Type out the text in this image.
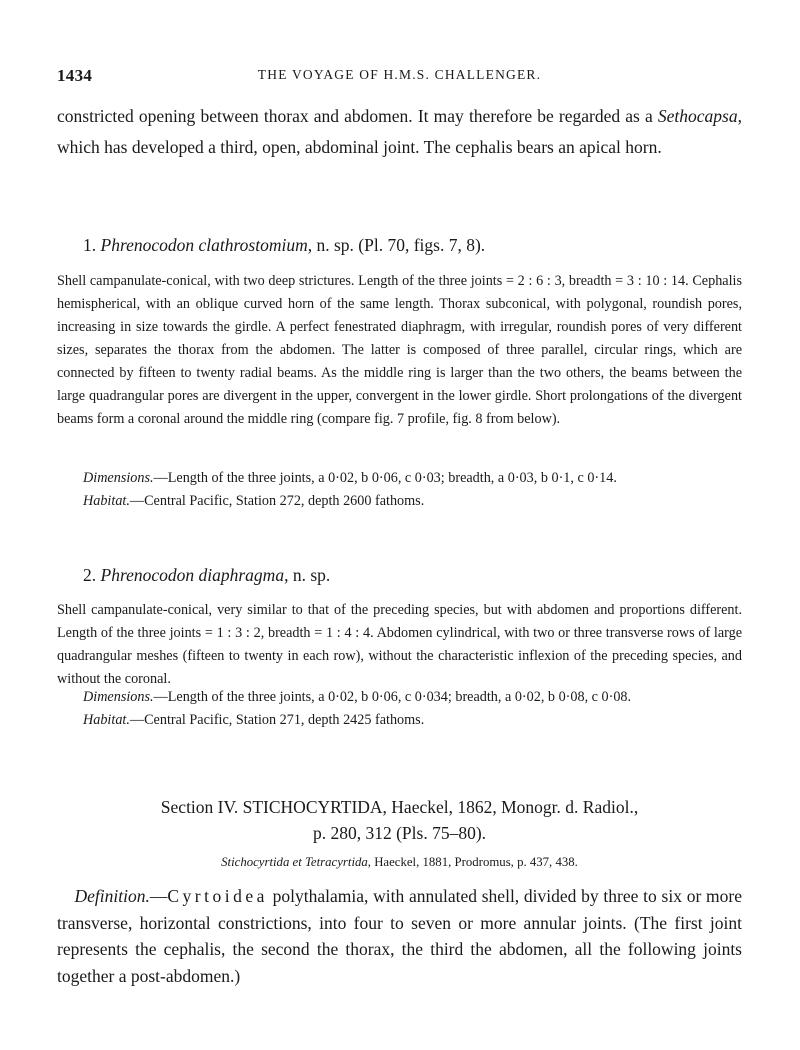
1434	THE VOYAGE OF H.M.S. CHALLENGER.

constricted opening between thorax and abdomen. It may therefore be regarded as a Sethocapsa, which has developed a third, open, abdominal joint. The cephalis bears an apical horn.

1. Phrenocodon clathrostomium, n. sp. (Pl. 70, figs. 7, 8).

Shell campanulate-conical, with two deep strictures. Length of the three joints = 2 : 6 : 3, breadth = 3 : 10 : 14. Cephalis hemispherical, with an oblique curved horn of the same length. Thorax subconical, with polygonal, roundish pores, increasing in size towards the girdle. A perfect fenestrated diaphragm, with irregular, roundish pores of very different sizes, separates the thorax from the abdomen. The latter is composed of three parallel, circular rings, which are connected by fifteen to twenty radial beams. As the middle ring is larger than the two others, the beams between the large quadrangular pores are divergent in the upper, convergent in the lower girdle. Short prolongations of the divergent beams form a coronal around the middle ring (compare fig. 7 profile, fig. 8 from below).

Dimensions.—Length of the three joints, a 0·02, b 0·06, c 0·03; breadth, a 0·03, b 0·1, c 0·14.
Habitat.—Central Pacific, Station 272, depth 2600 fathoms.

2. Phrenocodon diaphragma, n. sp.

Shell campanulate-conical, very similar to that of the preceding species, but with abdomen and proportions different. Length of the three joints = 1 : 3 : 2, breadth = 1 : 4 : 4. Abdomen cylindrical, with two or three transverse rows of large quadrangular meshes (fifteen to twenty in each row), without the characteristic inflexion of the preceding species, and without the coronal.

Dimensions.—Length of the three joints, a 0·02, b 0·06, c 0·034; breadth, a 0·02, b 0·08, c 0·08.
Habitat.—Central Pacific, Station 271, depth 2425 fathoms.
Section IV. STICHOCYRTIDA, Haeckel, 1862, Monogr. d. Radiol.,
p. 280, 312 (Pls. 75–80).
Stichocyrtida et Tetracyrtida, Haeckel, 1881, Prodromus, p. 437, 438.

 Definition.—Cyrtoidea polythalamia, with annulated shell, divided by three to six or more transverse, horizontal constrictions, into four to seven or more annular joints. (The first joint represents the cephalis, the second the thorax, the third the abdomen, all the following joints together a post-abdomen.)
